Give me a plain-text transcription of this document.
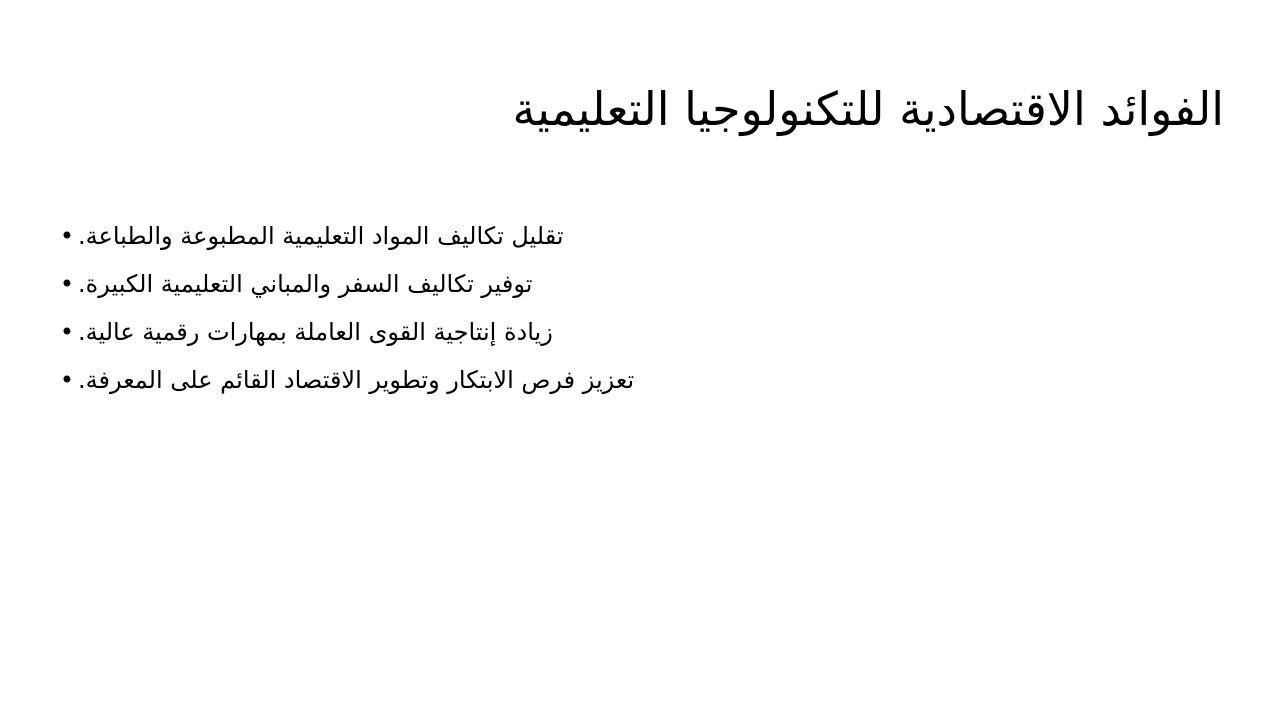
الفوائد الاقتصادية للتكنولوجيا التعليمية
• تقليل تكاليف المواد التعليمية المطبوعة والطباعة.
• توفير تكاليف السفر والمباني التعليمية الكبيرة.
• زيادة إنتاجية القوى العاملة بمهارات رقمية عالية.
• تعزيز فرص الابتكار وتطوير الاقتصاد القائم على المعرفة.
